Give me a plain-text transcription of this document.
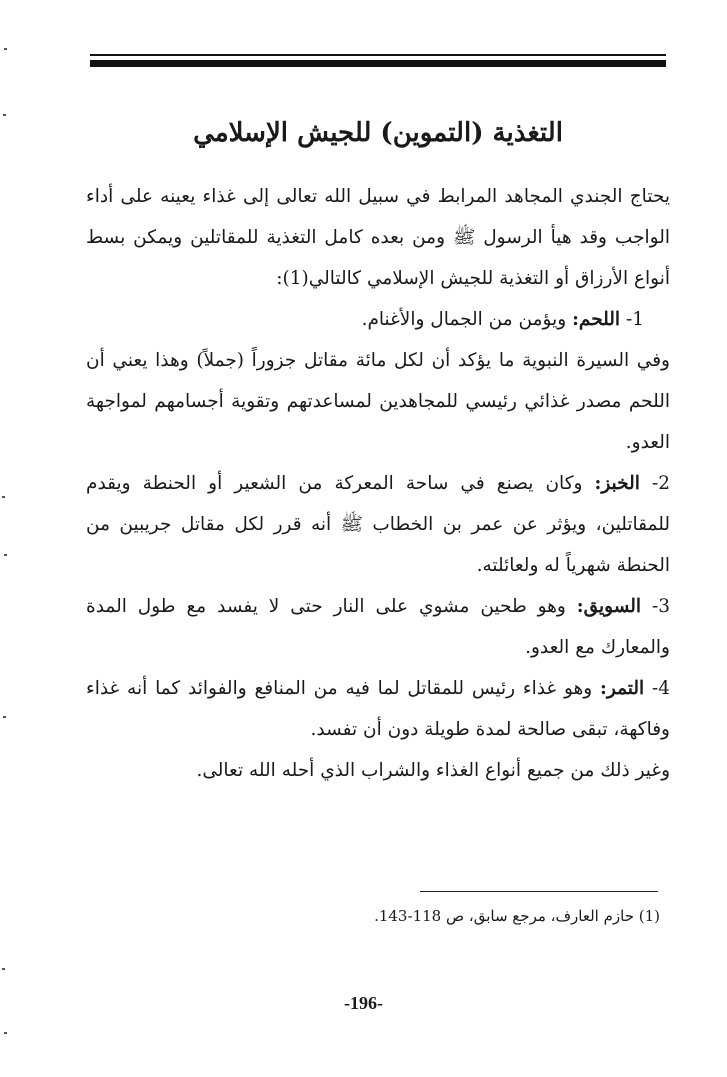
التغذية (التموين) للجيش الإسلامي

يحتاج الجندي المجاهد المرابط في سبيل الله تعالى إلى غذاء يعينه على أداء الواجب وقد هيأ الرسول ﷺ ومن بعده كامل التغذية للمقاتلين ويمكن بسط أنواع الأرزاق أو التغذية للجيش الإسلامي كالتالي(1):

1- اللحم: ويؤمن من الجمال والأغنام.

وفي السيرة النبوية ما يؤكد أن لكل مائة مقاتل جزوراً (جملاً) وهذا يعني أن اللحم مصدر غذائي رئيسي للمجاهدين لمساعدتهم وتقوية أجسامهم لمواجهة العدو.

2- الخبز: وكان يصنع في ساحة المعركة من الشعير أو الحنطة ويقدم للمقاتلين، ويؤثر عن عمر بن الخطاب ﷺ أنه قرر لكل مقاتل جريبين من الحنطة شهرياً له ولعائلته.

3- السويق: وهو طحين مشوي على النار حتى لا يفسد مع طول المدة والمعارك مع العدو.

4- التمر: وهو غذاء رئيس للمقاتل لما فيه من المنافع والفوائد كما أنه غذاء وفاكهة، تبقى صالحة لمدة طويلة دون أن تفسد.

وغير ذلك من جميع أنواع الغذاء والشراب الذي أحله الله تعالى.

(1) حازم العارف، مرجع سابق، ص 118-143.
-196-
